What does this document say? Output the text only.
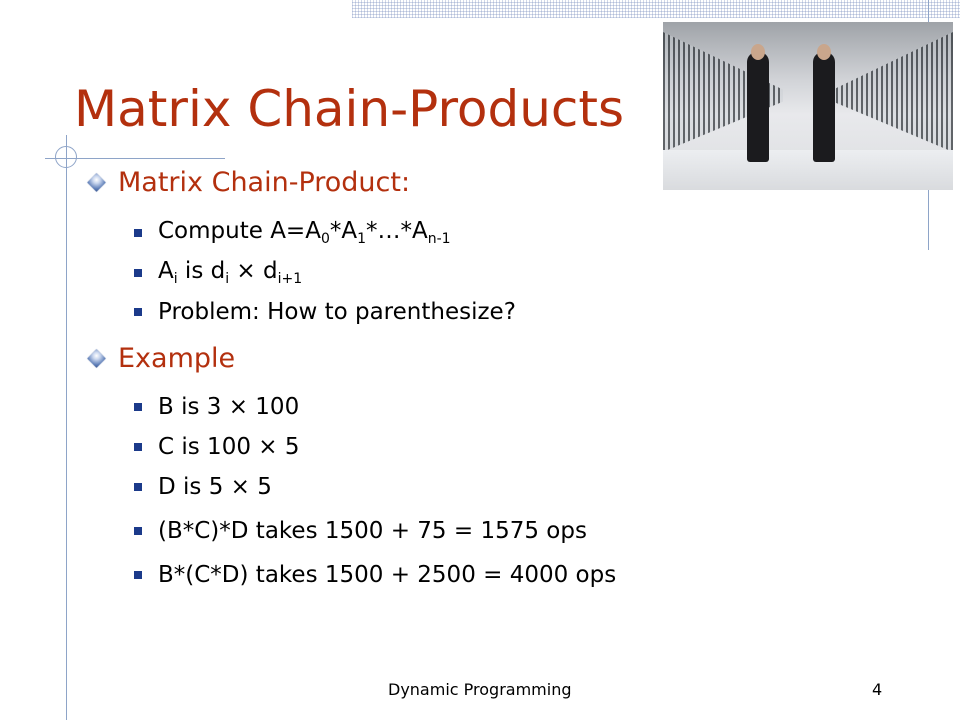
Matrix Chain-Products
Matrix Chain-Product:
Compute $A=A_0*A_1*\dots*A_{n-1}$
$A_i$ is $d_i \times d_{i+1}$
Problem: How to parenthesize?
Example
B is 3 × 100
C is 100 × 5
D is 5 × 5
(B*C)*D takes 1500 + 75 = 1575 ops
B*(C*D) takes 1500 + 2500 = 4000 ops
Dynamic Programming	4
